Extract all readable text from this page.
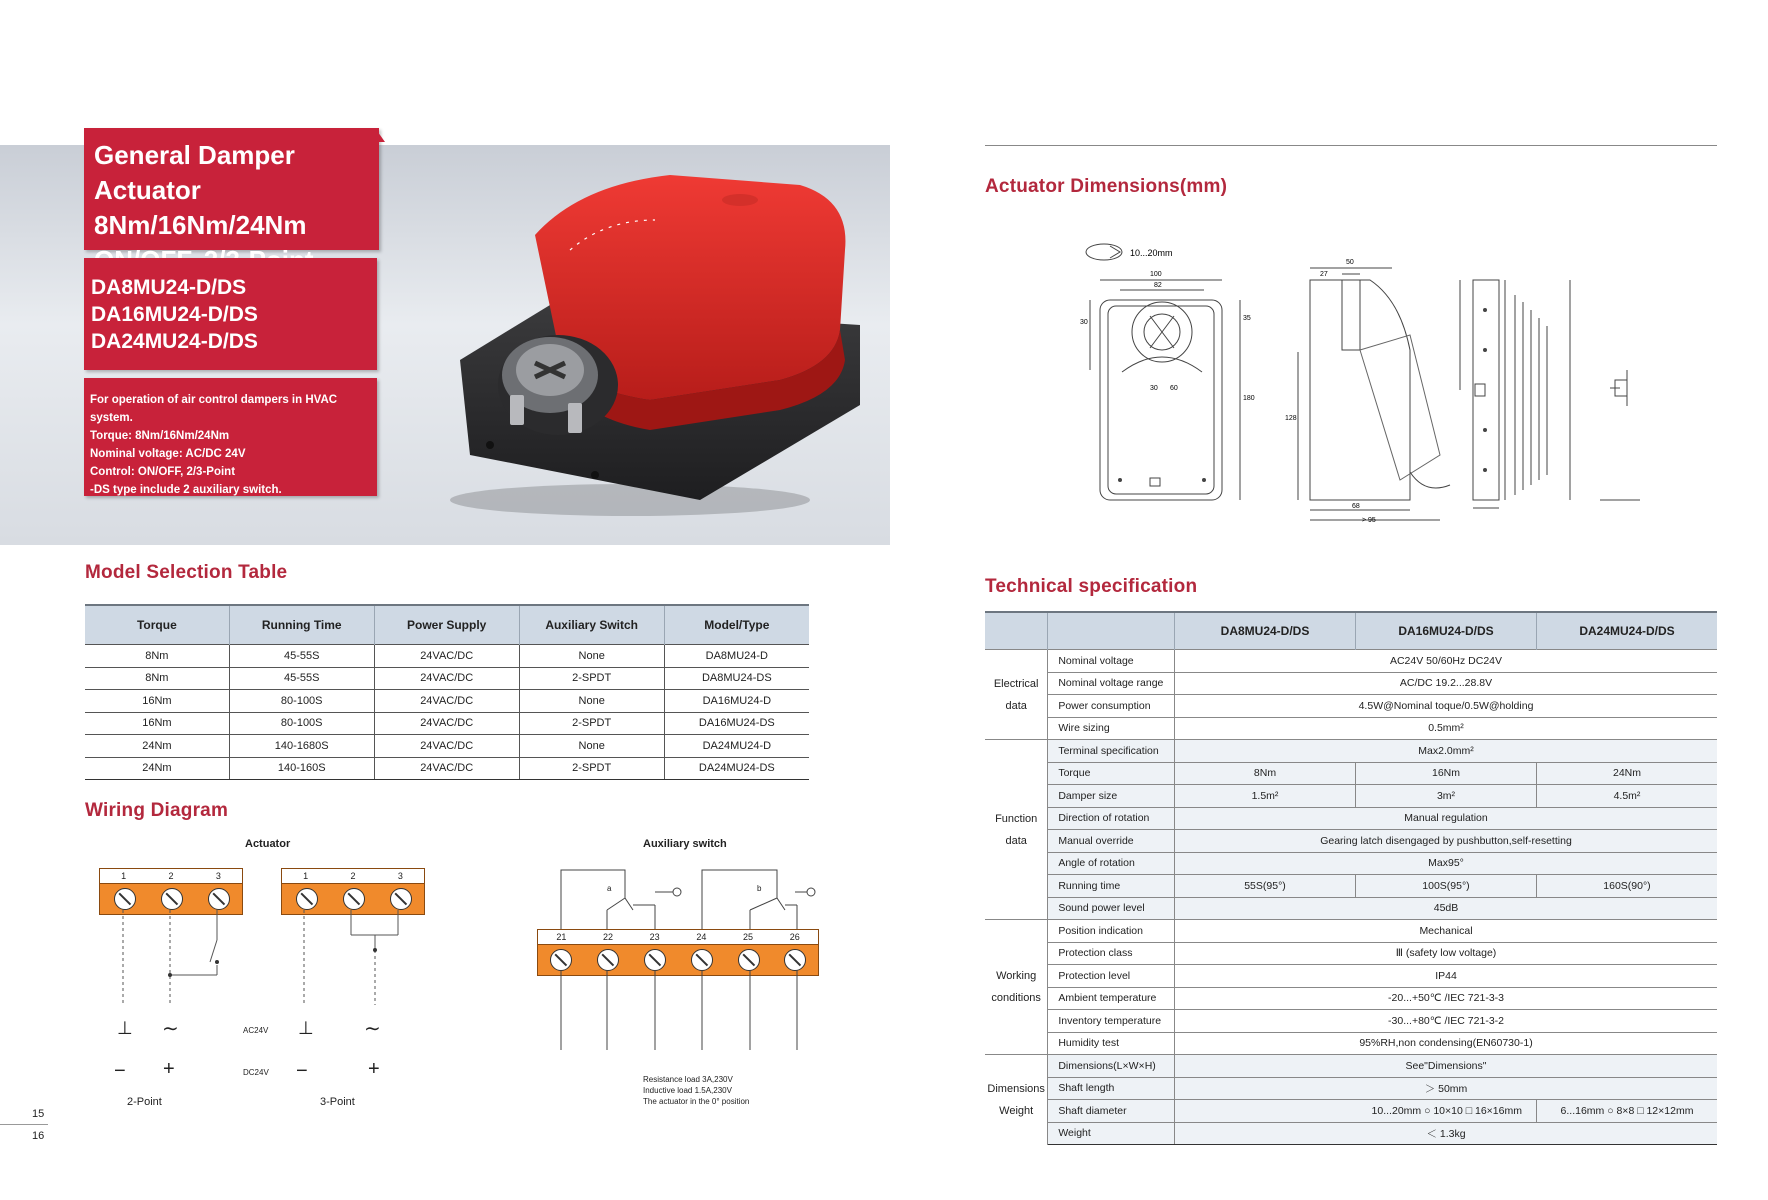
General Damper Actuator
8Nm/16Nm/24Nm
DA8MU24-D/DS
DA16MU24-D/DS
DA24MU24-D/DS
For operation of air control dampers in HVAC system.
Torque: 8Nm/16Nm/24Nm
Nominal voltage: AC/DC 24V
Control: ON/OFF, 2/3-Point
-DS type include 2 auxiliary switch.
Model Selection Table
Torque	Running Time	Power Supply	Auxiliary Switch	Model/Type
8Nm	45-55S	24VAC/DC	None	DA8MU24-D
8Nm	45-55S	24VAC/DC	2-SPDT	DA8MU24-DS
16Nm	80-100S	24VAC/DC	None	DA16MU24-D
16Nm	80-100S	24VAC/DC	2-SPDT	DA16MU24-DS
24Nm	140-1680S	24VAC/DC	None	DA24MU24-D
24Nm	140-160S	24VAC/DC	2-SPDT	DA24MU24-DS
Wiring Diagram
Actuator	Auxiliary switch
1	2	3	1	2	3
⊥ ∼	⊥	∼
AC24V
− +	−	+
DC24V
2-Point	3-Point
21	22	23	24	25	26
a	b
Resistance load 3A,230V
Inductive load 1.5A,230V
The actuator in the 0° position
15
16
Actuator Dimensions(mm)
10...20mm
100
82
35
30
180
30 60
50
27
128
68
> 95
Technical specification
		DA8MU24-D/DS	DA16MU24-D/DS	DA24MU24-D/DS

Electrical
data	Nominal voltage	AC24V 50/60Hz DC24V		
	Nominal voltage range	AC/DC 19.2...28.8V		
	Power consumption	4.5W@Nominal toque/0.5W@holding		
	Wire sizing	0.5mm²		

Function
data	Terminal specification	Max2.0mm²		
	Torque	8Nm	16Nm	24Nm
	Damper size	1.5m²	3m²	4.5m²
	Direction of rotation	Manual regulation		
	Manual override	Gearing latch disengaged by pushbutton,self-resetting		
	Angle of rotation	Max95°		
	Running time	55S(95°)	100S(95°)	160S(90°)
	Sound power level	45dB		

Working
conditions	Position indication	Mechanical		
	Protection class	Ⅲ (safety low voltage)		
	Protection level	IP44		
	Ambient temperature	-20...+50℃ /IEC 721-3-3		
	Inventory temperature	-30...+80℃ /IEC 721-3-2		
	Humidity test	95%RH,non condensing(EN60730-1)		

Dimensions
Weight	Dimensions(L×W×H)	See"Dimensions"		
	Shaft length	＞ 50mm		
	Shaft diameter	10...20mm ○ 10×10 □ 16×16mm		6...16mm ○ 8×8 □ 12×12mm
	Weight	＜ 1.3kg		
